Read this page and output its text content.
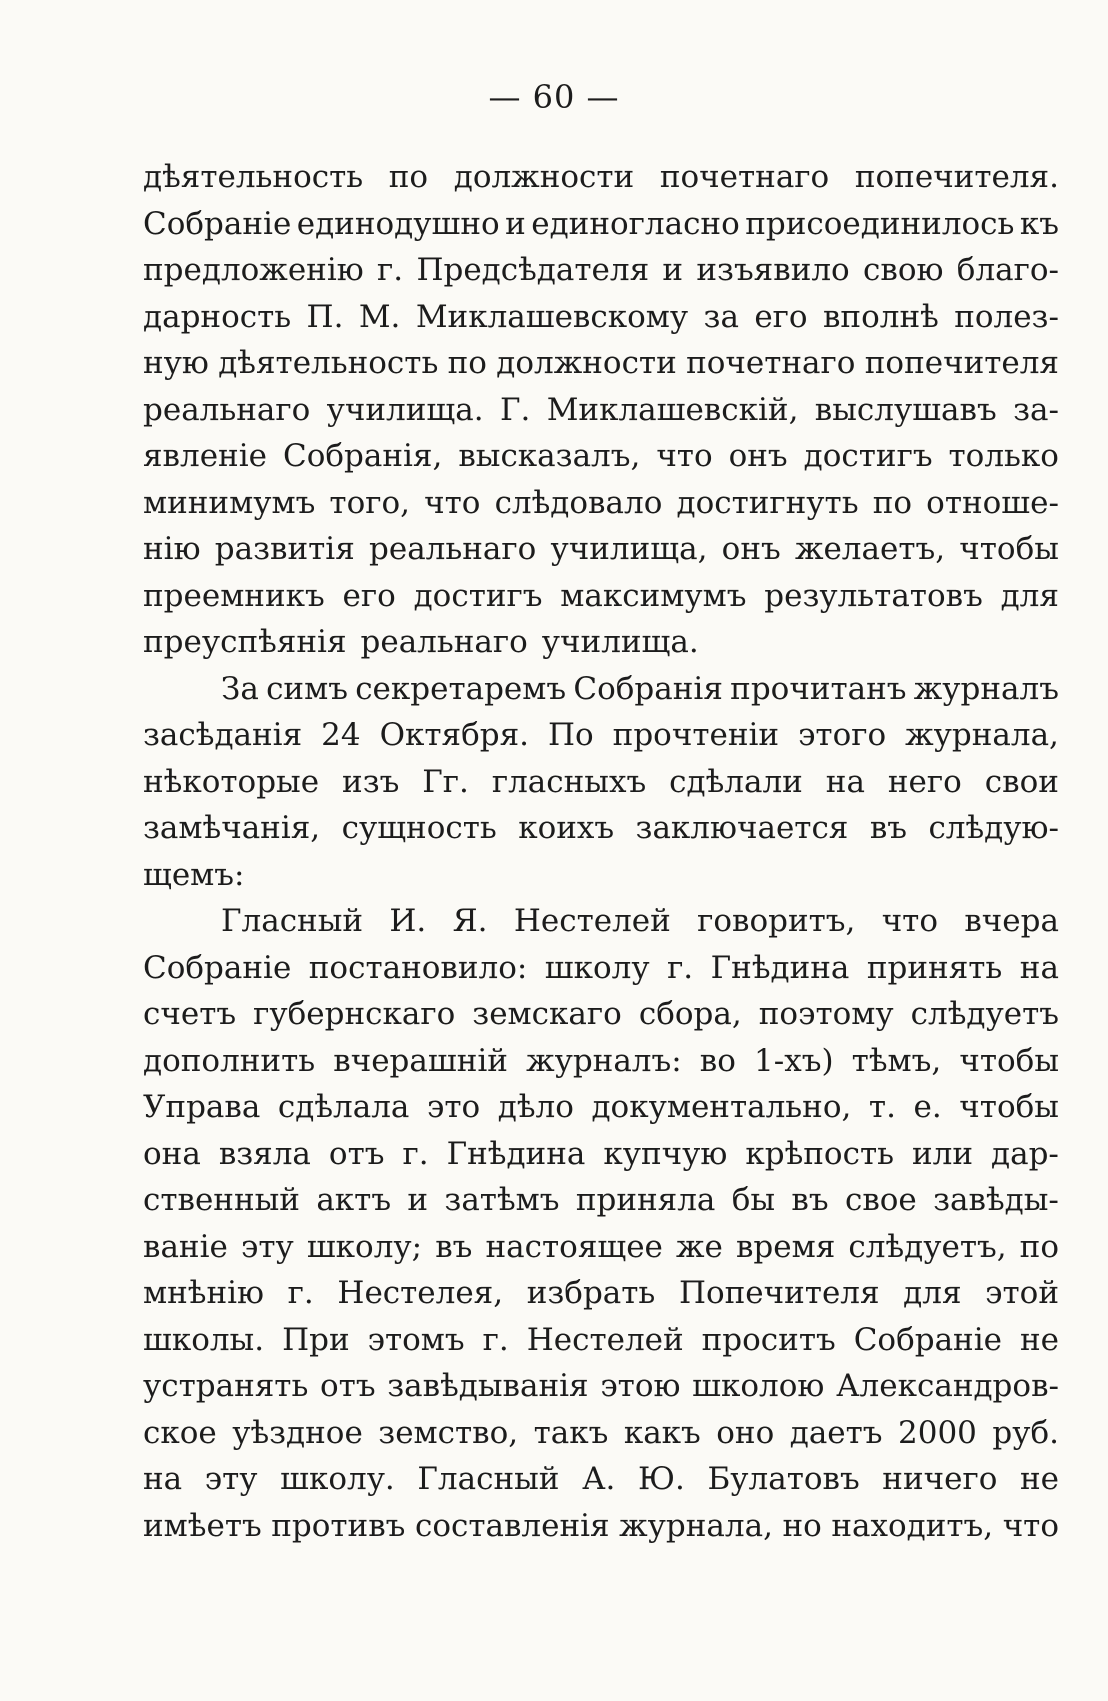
— 60 —
дѣятельность по должности почетнаго попечителя.
Собраніе единодушно и единогласно присоединилось къ
предложенію г. Предсѣдателя и изъявило свою благо-
дарность П. М. Миклашевскому за его вполнѣ полез-
ную дѣятельность по должности почетнаго попечителя
реальнаго училища. Г. Миклашевскій, выслушавъ за-
явленіе Собранія, высказалъ, что онъ достигъ только
минимумъ того, что слѣдовало достигнуть по отноше-
нію развитія реальнаго училища, онъ желаетъ, чтобы
преемникъ его достигъ максимумъ результатовъ для
преуспѣянія реальнаго училища.
За симъ секретаремъ Собранія прочитанъ журналъ
засѣданія 24 Октября. По прочтеніи этого журнала,
нѣкоторые изъ Гг. гласныхъ сдѣлали на него свои
замѣчанія, сущность коихъ заключается въ слѣдую-
щемъ:
Гласный И. Я. Нестелей говоритъ, что вчера
Собраніе постановило: школу г. Гнѣдина принять на
счетъ губернскаго земскаго сбора, поэтому слѣдуетъ
дополнить вчерашній журналъ: во 1-хъ) тѣмъ, чтобы
Управа сдѣлала это дѣло документально, т. е. чтобы
она взяла отъ г. Гнѣдина купчую крѣпость или дар-
ственный актъ и затѣмъ приняла бы въ свое завѣды-
ваніе эту школу; въ настоящее же время слѣдуетъ, по
мнѣнію г. Нестелея, избрать Попечителя для этой
школы. При этомъ г. Нестелей проситъ Собраніе не
устранять отъ завѣдыванія этою школою Александров-
ское уѣздное земство, такъ какъ оно даетъ 2000 руб.
на эту школу. Гласный А. Ю. Булатовъ ничего не
имѣетъ противъ составленія журнала, но находитъ, что
